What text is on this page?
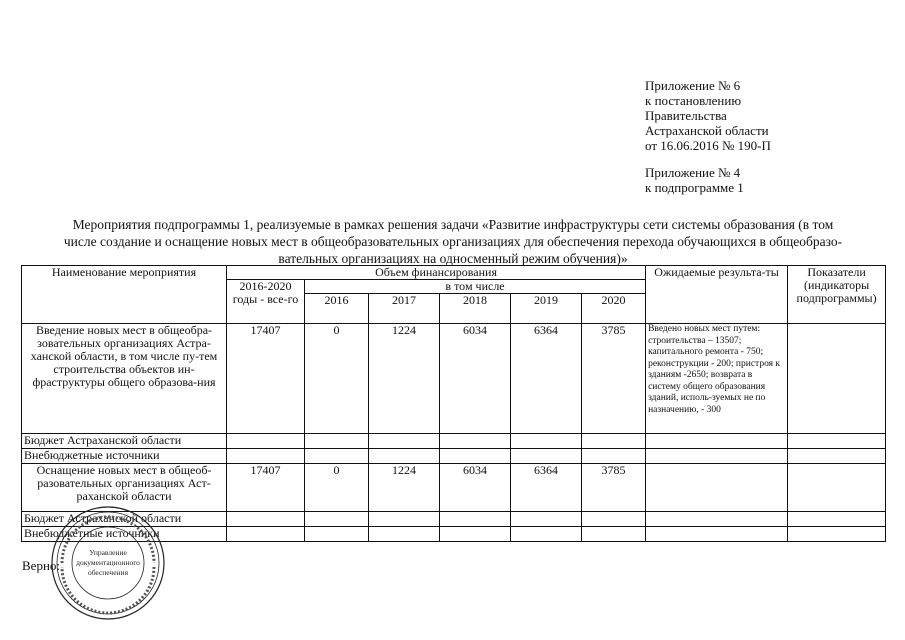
Приложение № 6
к постановлению
Правительства
Астраханской области
от 16.06.2016 № 190-П
Приложение № 4
к подпрограмме 1
Мероприятия подпрограммы 1, реализуемые в рамках решения задачи «Развитие инфраструктуры сети системы образования (в том
числе создание и оснащение новых мест в общеобразовательных организациях для обеспечения перехода обучающихся в общеобразо-
вательных организациях на односменный режим обучения)»
Наименование мероприятия	Объем финансирования						Ожидаемые результа-ты	Показатели (индикаторы подпрограммы)
	2016-2020 годы - все-го	в том числе						
		2016	2017	2018	2019	2020		
Введение новых мест в общеобра-зовательных организациях Астра-ханской области, в том числе пу-тем строительства объектов ин-фраструктуры общего образова-ния	17407	0	1224	6034	6364	3785	Введено новых мест путем: строительства – 13507; капитального ремонта - 750; реконструкции - 200; пристроя к зданиям -2650; возврата в систему общего образования зданий, исполь-зуемых не по назначению, - 300	
Бюджет Астраханской области								
Внебюджетные источники								
Оснащение новых мест в общеоб-разовательных организациях Аст-раханской области	17407	0	1224	6034	6364	3785		
Бюджет Астраханской области								
Внебюджетные источники								
Верно:
Управление
документационного
обеспечения
